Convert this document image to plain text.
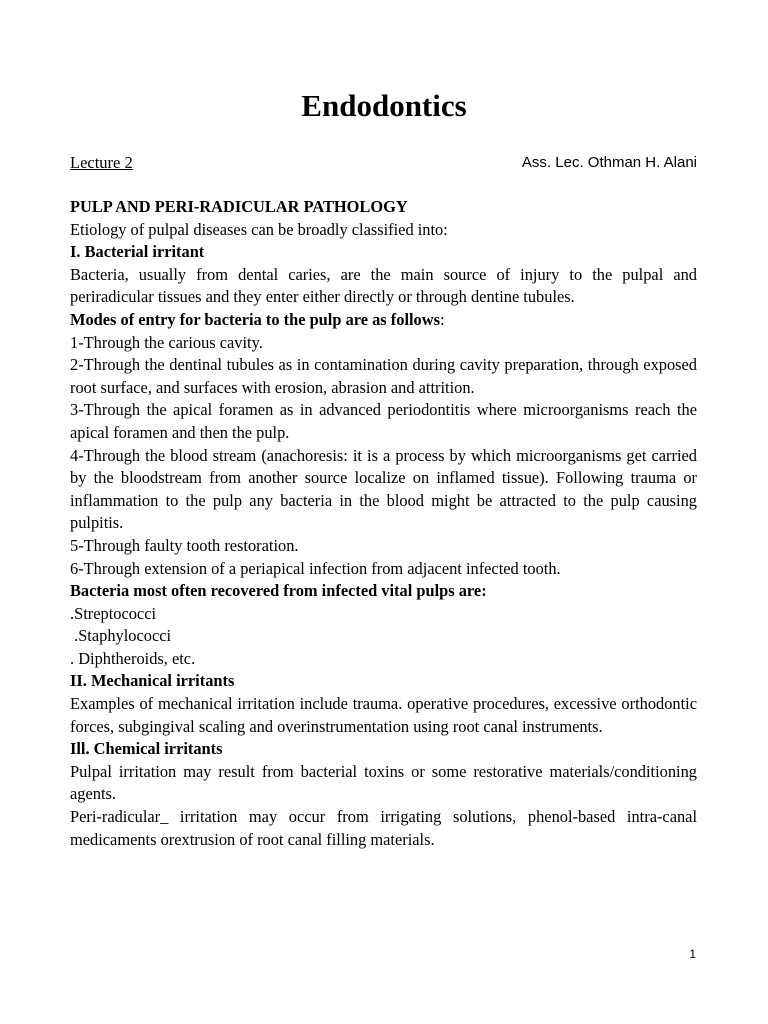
Endodontics
Lecture 2	Ass. Lec. Othman H. Alani

PULP AND PERI-RADICULAR PATHOLOGY

Etiology of pulpal diseases can be broadly classified into:

I. Bacterial irritant

Bacteria, usually from dental caries, are the main source of injury to the pulpal and periradicular tissues and they enter either directly or through dentine tubules.

Modes of entry for bacteria to the pulp are as follows:

1-Through the carious cavity.

2-Through the dentinal tubules as in contamination during cavity preparation, through exposed root surface, and surfaces with erosion, abrasion and attrition.

3-Through the apical foramen as in advanced periodontitis where microorganisms reach the apical foramen and then the pulp.

4-Through the blood stream (anachoresis: it is a process by which microorganisms get carried by the bloodstream from another source localize on inflamed tissue). Following trauma or inflammation to the pulp any bacteria in the blood might be attracted to the pulp causing pulpitis.

5-Through faulty tooth restoration.

6-Through extension of a periapical infection from adjacent infected tooth.

Bacteria most often recovered from infected vital pulps are:

.Streptococci

.Staphylococci

. Diphtheroids, etc.

II. Mechanical irritants

Examples of mechanical irritation include trauma. operative procedures, excessive orthodontic forces, subgingival scaling and overinstrumentation using root canal instruments.

Ill. Chemical irritants

Pulpal irritation may result from bacterial toxins or some restorative materials/conditioning agents.

Peri-radicular_ irritation may occur from irrigating solutions, phenol-based intra-canal medicaments orextrusion of root canal filling materials.

1
